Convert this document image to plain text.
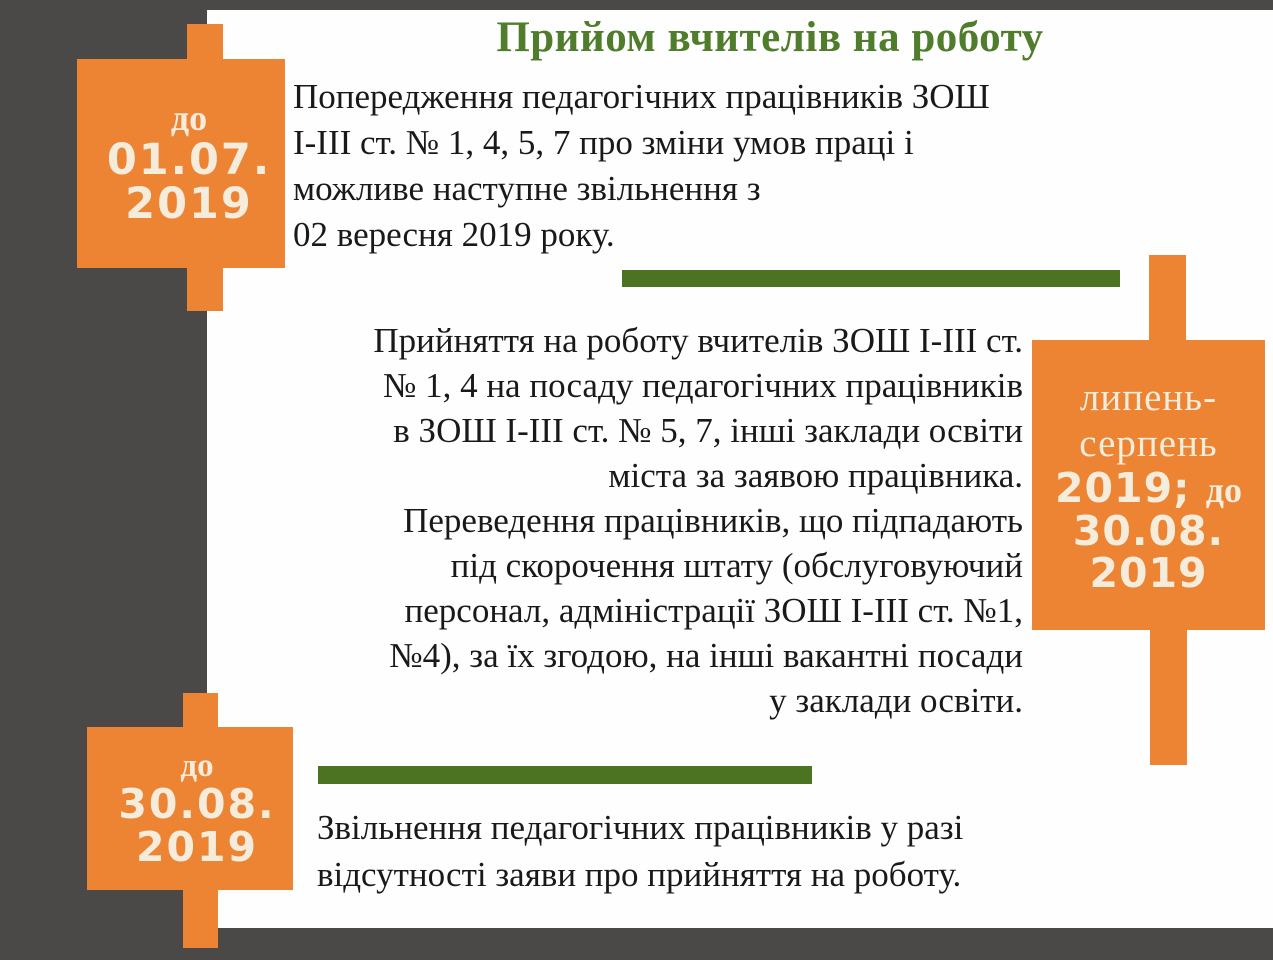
Прийом вчителів на роботу
до
01.07.
2019
липень-
серпень
2019; до
30.08.
2019
до
30.08.
2019
Попередження педагогічних працівників ЗОШ
І-ІІІ ст. № 1, 4, 5, 7 про зміни умов праці і
можливе наступне звільнення з
02 вересня 2019 року.
Прийняття на роботу вчителів ЗОШ І-ІІІ ст.
№ 1, 4 на посаду педагогічних працівників
в ЗОШ І-ІІІ ст. № 5, 7, інші заклади освіти
міста за заявою працівника.
Переведення працівників, що підпадають
під скорочення штату (обслуговуючий
персонал, адміністрації ЗОШ І-ІІІ ст. №1,
№4), за їх згодою, на інші вакантні посади
у заклади освіти.
Звільнення педагогічних працівників у разі
відсутності заяви про прийняття на роботу.
